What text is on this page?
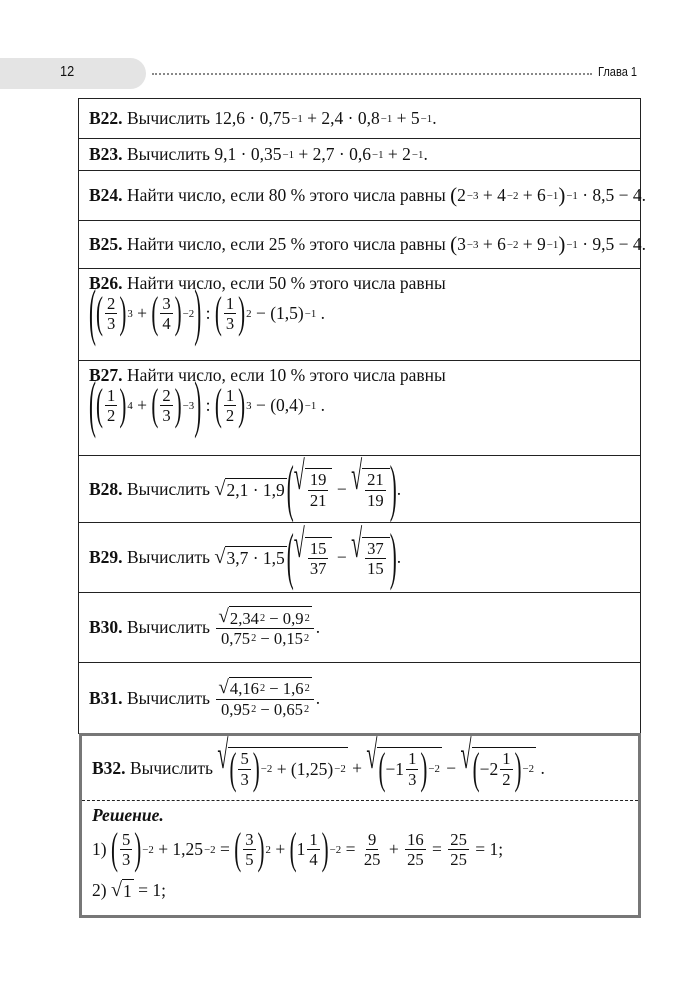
12	Глава 1
B22. Вычислить 12,6 · 0,75 −1 + 2,4 · 0,8 −1 + 5 −1 .
B23. Вычислить 9,1 · 0,35 −1 + 2,7 · 0,6 −1 + 2 −1 .
B24. Найти число, если 80 % этого числа равны ( 2 −3 + 4 −2 + 6 −1 ) −1 · 8,5 − 4.
B25. Найти число, если 25 % этого числа равны ( 3 −3 + 6 −2 + 9 −1 ) −1 · 9,5 − 4.
B26. Найти число, если 50 % этого числа равны
( ( $\frac{2}{3}$ ) 3 + ( $\frac{3}{4}$ ) −2 ) : ( $\frac{1}{3}$ ) 2 − (1,5) −1 .
B27. Найти число, если 10 % этого числа равны
( ( $\frac{1}{2}$ ) 4 + ( $\frac{2}{3}$ ) −3 ) : ( $\frac{1}{2}$ ) 3 − (0,4) −1 .
B28. Вычислить √ 2,1 · 1,9 ( √ $\frac{19}{21}$ − √ $\frac{21}{19}$ ) .
B29. Вычислить √ 3,7 · 1,5 ( √ $\frac{15}{37}$ − √ $\frac{37}{15}$ ) .
B30. Вычислить $\frac{√ 2,34 2 - 0,9 2}{0,75 2 - 0,15 2}$ .
B31. Вычислить $\frac{√ 4,16 2 - 1,6 2}{0,95 2 - 0,65 2}$ .
B32. Вычислить √ ( $\frac{5}{3}$ ) −2 + (1,25) −2 + √ ( $-1 \frac{1}{3}$ ) −2 − √ ( $-2 \frac{1}{2}$ ) −2 .
Решение.
1) ( $\frac{5}{3}$ ) −2 + 1,25 −2 = ( $\frac{3}{5}$ ) 2 + ( $1 \frac{1}{4}$ ) $-2 = \frac{9}{25} + \frac{16}{25} = \frac{25}{25} = 1$;
2) √ 1 = 1;
